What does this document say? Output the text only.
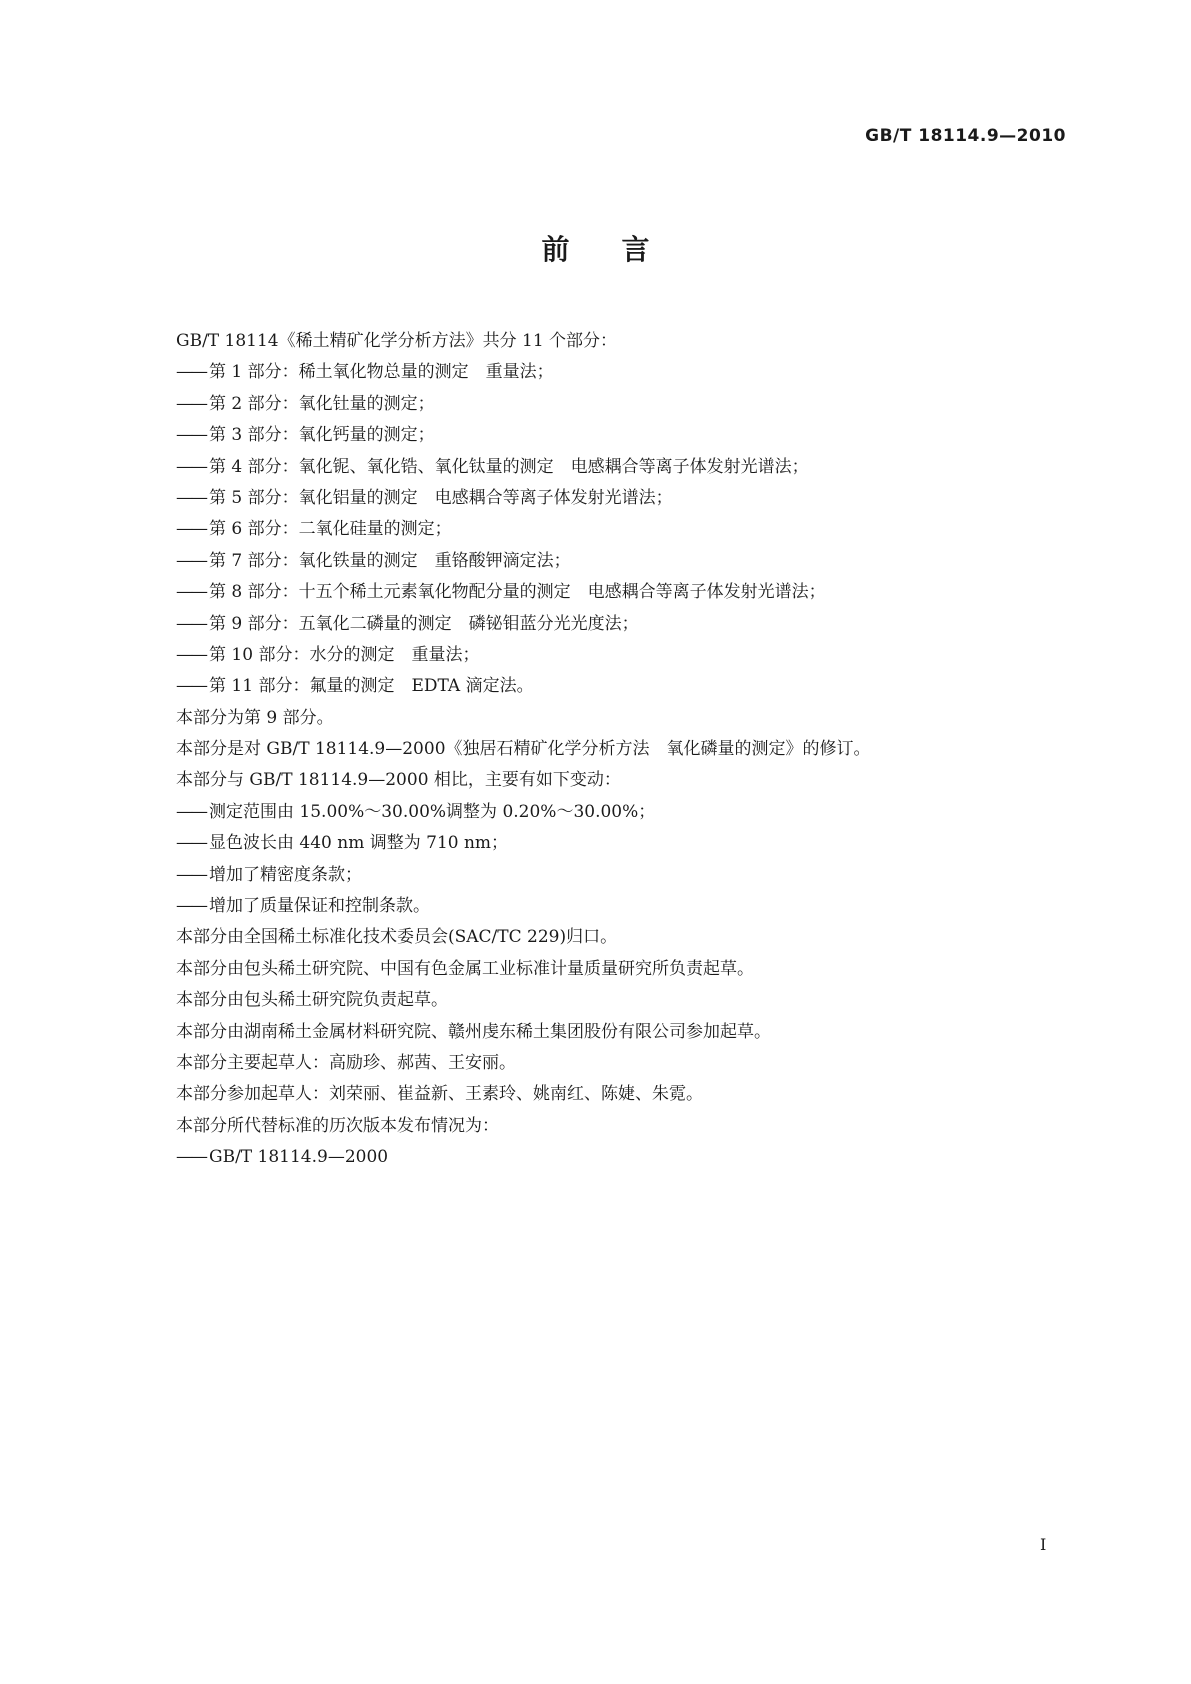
GB/T 18114.9—2010
前言
GB/T 18114《稀土精矿化学分析方法》共分 11 个部分：
—— 第 1 部分：稀土氧化物总量的测定　重量法；
—— 第 2 部分：氧化钍量的测定；
—— 第 3 部分：氧化钙量的测定；
—— 第 4 部分：氧化铌、氧化锆、氧化钛量的测定　电感耦合等离子体发射光谱法；
—— 第 5 部分：氧化铝量的测定　电感耦合等离子体发射光谱法；
—— 第 6 部分：二氧化硅量的测定；
—— 第 7 部分：氧化铁量的测定　重铬酸钾滴定法；
—— 第 8 部分：十五个稀土元素氧化物配分量的测定　电感耦合等离子体发射光谱法；
—— 第 9 部分：五氧化二磷量的测定　磷铋钼蓝分光光度法；
—— 第 10 部分：水分的测定　重量法；
—— 第 11 部分：氟量的测定　EDTA 滴定法。
本部分为第 9 部分。
本部分是对 GB/T 18114.9—2000《独居石精矿化学分析方法　氧化磷量的测定》的修订。
本部分与 GB/T 18114.9—2000 相比，主要有如下变动：
—— 测定范围由 15.00%～30.00%调整为 0.20%～30.00%；
—— 显色波长由 440 nm 调整为 710 nm；
—— 增加了精密度条款；
—— 增加了质量保证和控制条款。
本部分由全国稀土标准化技术委员会(SAC/TC 229)归口。
本部分由包头稀土研究院、中国有色金属工业标准计量质量研究所负责起草。
本部分由包头稀土研究院负责起草。
本部分由湖南稀土金属材料研究院、赣州虔东稀土集团股份有限公司参加起草。
本部分主要起草人：高励珍、郝茜、王安丽。
本部分参加起草人：刘荣丽、崔益新、王素玲、姚南红、陈婕、朱霓。
本部分所代替标准的历次版本发布情况为：
—— GB/T 18114.9—2000
I
